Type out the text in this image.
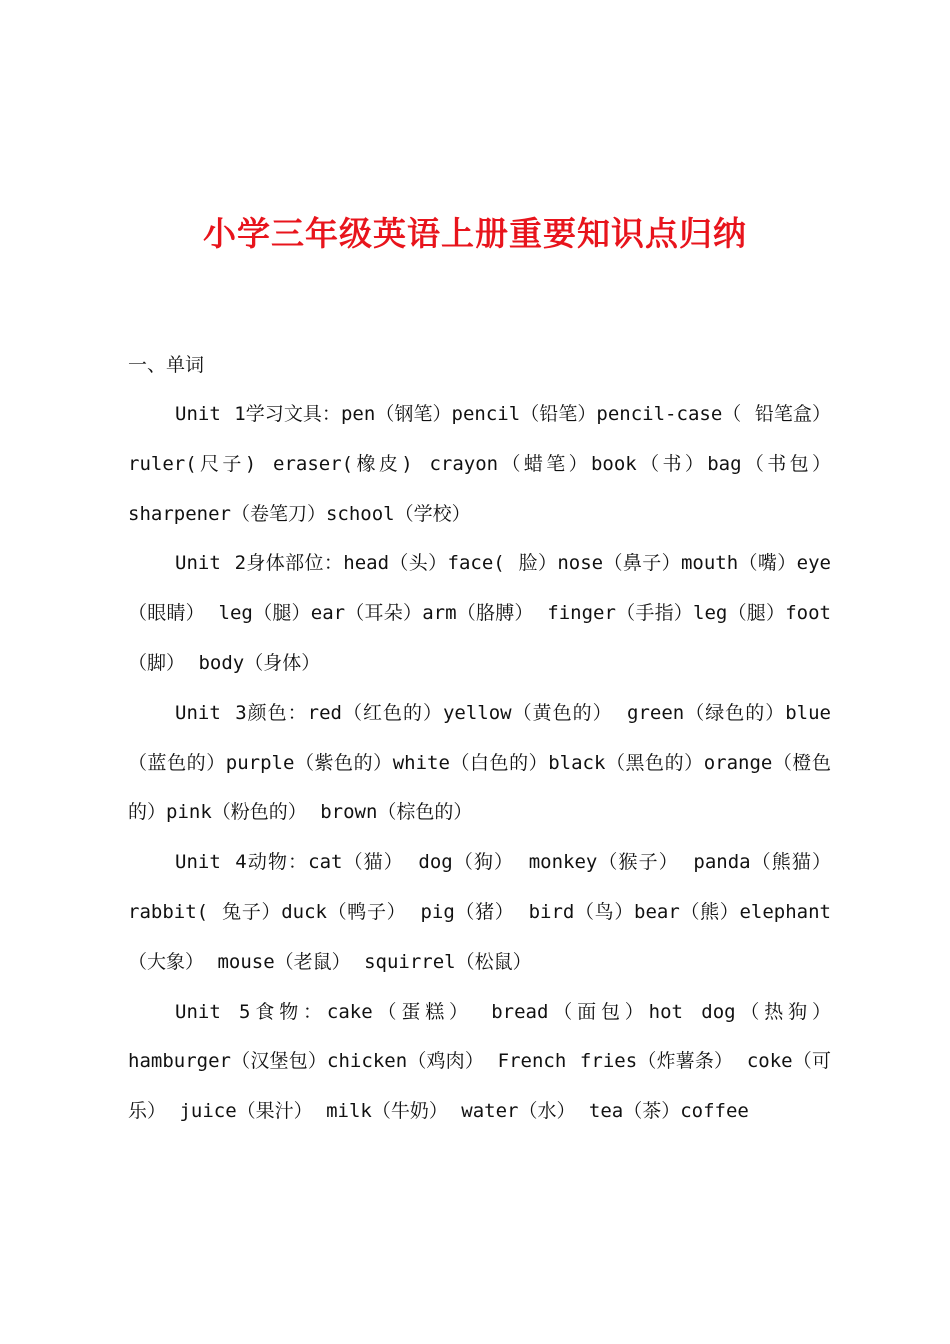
小学三年级英语上册重要知识点归纳
一、单词

Unit 1学习文具：pen（钢笔）pencil（铅笔）pencil-case（ 铅笔盒）ruler(尺子) eraser(橡皮) crayon（蜡笔）book（书）bag（书包）sharpener（卷笔刀）school（学校）

Unit 2身体部位：head（头）face( 脸）nose（鼻子）mouth（嘴）eye（眼睛） leg（腿）ear（耳朵）arm（胳膊） finger（手指）leg（腿）foot（脚） body（身体）

Unit 3颜色：red（红色的）yellow（黄色的） green（绿色的）blue（蓝色的）purple（紫色的）white（白色的）black（黑色的）orange（橙色的）pink（粉色的） brown（棕色的）

Unit 4动物：cat（猫） dog（狗） monkey（猴子） panda（熊猫） rabbit( 兔子）duck（鸭子） pig（猪） bird（鸟）bear（熊）elephant（大象） mouse（老鼠） squirrel（松鼠）

Unit 5食物：cake（蛋糕） bread（面包）hot dog（热狗）hamburger（汉堡包）chicken（鸡肉） French fries（炸薯条） coke（可乐） juice（果汁） milk（牛奶） water（水） tea（茶）coffee
